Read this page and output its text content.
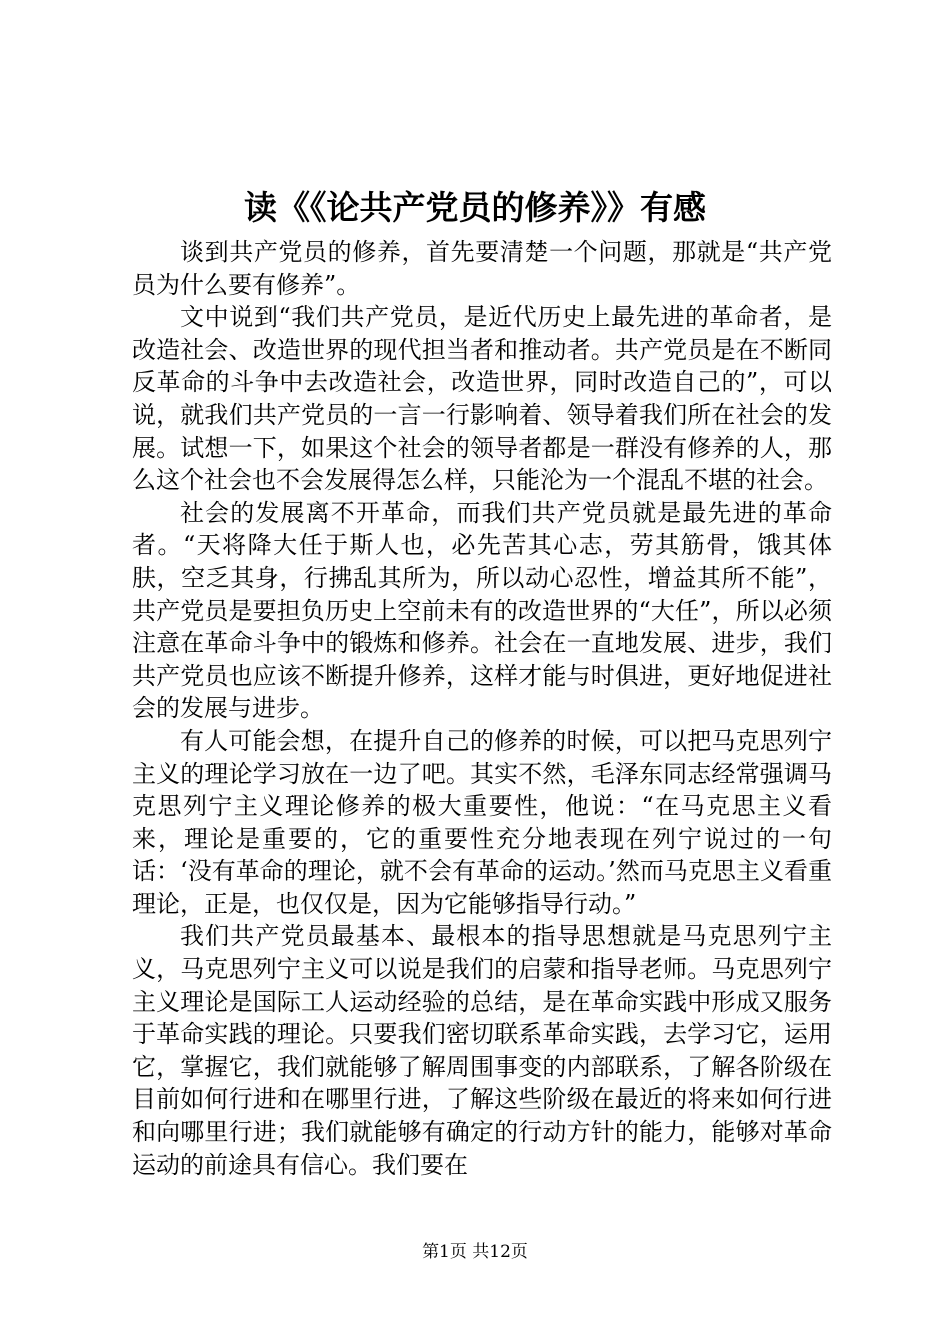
读《《论共产党员的修养》》有感

谈到共产党员的修养，首先要清楚一个问题，那就是“共产党员为什么要有修养”。

文中说到“我们共产党员，是近代历史上最先进的革命者，是改造社会、改造世界的现代担当者和推动者。共产党员是在不断同反革命的斗争中去改造社会，改造世界，同时改造自己的”，可以说，就我们共产党员的一言一行影响着、领导着我们所在社会的发展。试想一下，如果这个社会的领导者都是一群没有修养的人，那么这个社会也不会发展得怎么样，只能沦为一个混乱不堪的社会。

社会的发展离不开革命，而我们共产党员就是最先进的革命者。“天将降大任于斯人也，必先苦其心志，劳其筋骨，饿其体肤，空乏其身，行拂乱其所为，所以动心忍性，增益其所不能”，共产党员是要担负历史上空前未有的改造世界的“大任”，所以必须注意在革命斗争中的锻炼和修养。社会在一直地发展、进步，我们共产党员也应该不断提升修养，这样才能与时俱进，更好地促进社会的发展与进步。

有人可能会想，在提升自己的修养的时候，可以把马克思列宁主义的理论学习放在一边了吧。其实不然，毛泽东同志经常强调马克思列宁主义理论修养的极大重要性，他说：“在马克思主义看来，理论是重要的，它的重要性充分地表现在列宁说过的一句话：‘没有革命的理论，就不会有革命的运动。’然而马克思主义看重理论，正是，也仅仅是，因为它能够指导行动。”

我们共产党员最基本、最根本的指导思想就是马克思列宁主义，马克思列宁主义可以说是我们的启蒙和指导老师。马克思列宁主义理论是国际工人运动经验的总结，是在革命实践中形成又服务于革命实践的理论。只要我们密切联系革命实践，去学习它，运用它，掌握它，我们就能够了解周围事变的内部联系，了解各阶级在目前如何行进和在哪里行进，了解这些阶级在最近的将来如何行进和向哪里行进；我们就能够有确定的行动方针的能力，能够对革命运动的前途具有信心。我们要在

第1页 共12页
